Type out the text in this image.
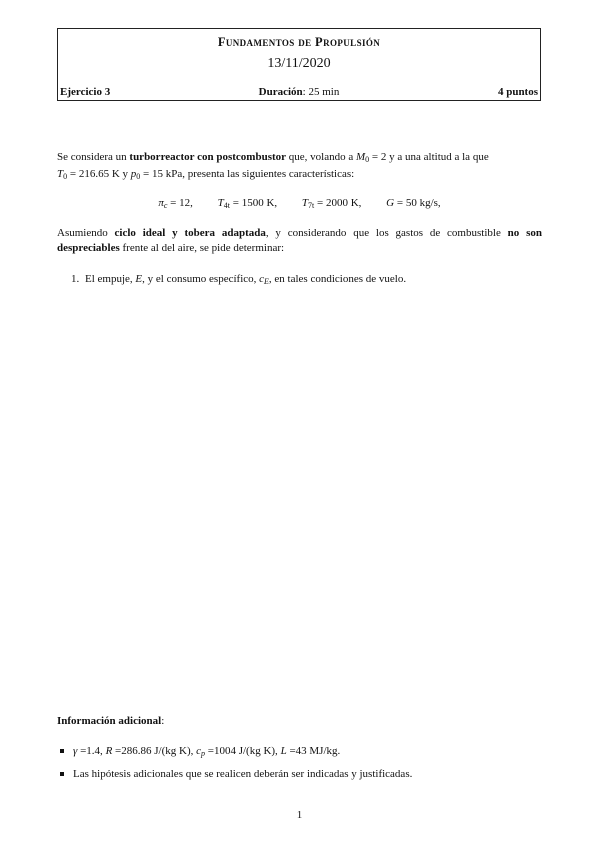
Fundamentos de Propulsión
13/11/2020
Ejercicio 3	Duración: 25 min	4 puntos

Se considera un turborreactor con postcombustor que, volando a $M_0 = 2$ y a una altitud a la que
$T_0 = 216.65$ K y $p_0 = 15$ kPa, presenta las siguientes características:

$\pi_c = 12$, $T_{4t} = 1500$ K, $T_{7t} = 2000$ K, G = 50 kg/s,

Asumiendo ciclo ideal y tobera adaptada, y considerando que los gastos de combustible no son despreciables frente al del aire, se pide determinar:

1. El empuje, E, y el consumo específico, $c_E$, en tales condiciones de vuelo.
Información adicional:
γ =1.4, R =286.86 J/(kg K), $c_p =1004$ J/(kg K), L =43 MJ/kg.
Las hipótesis adicionales que se realicen deberán ser indicadas y justificadas.
1
